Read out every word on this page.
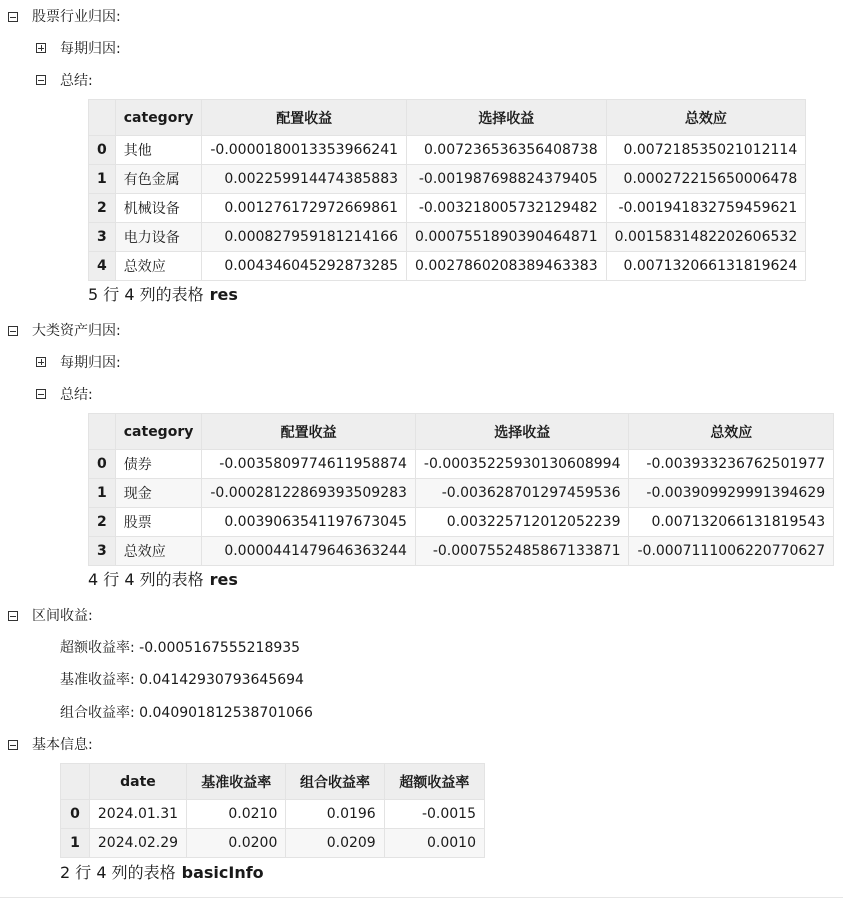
股票行业归因:
每期归因:
总结:
	category	配置收益	选择收益	总效应
0	其他	-0.0000180013353966241	0.007236536356408738	0.007218535021012114
1	有色金属	0.002259914474385883	-0.001987698824379405	0.000272215650006478
2	机械设备	0.001276172972669861	-0.003218005732129482	-0.001941832759459621
3	电力设备	0.000827959181214166	0.0007551890390464871	0.0015831482202606532
4	总效应	0.004346045292873285	0.0027860208389463383	0.007132066131819624
5 行 4 列的表格 res
大类资产归因:
每期归因:
总结:
	category	配置收益	选择收益	总效应
0	债券	-0.0035809774611958874	-0.00035225930130608994	-0.003933236762501977
1	现金	-0.00028122869393509283	-0.003628701297459536	-0.003909929991394629
2	股票	0.0039063541197673045	0.003225712012052239	0.007132066131819543
3	总效应	0.0000441479646363244	-0.0007552485867133871	-0.0007111006220770627
4 行 4 列的表格 res
区间收益:
超额收益率: -0.0005167555218935
基准收益率: 0.04142930793645694
组合收益率: 0.040901812538701066
基本信息:
	date	基准收益率	组合收益率	超额收益率
0	2024.01.31	0.0210	0.0196	-0.0015
1	2024.02.29	0.0200	0.0209	0.0010
2 行 4 列的表格 basicInfo
